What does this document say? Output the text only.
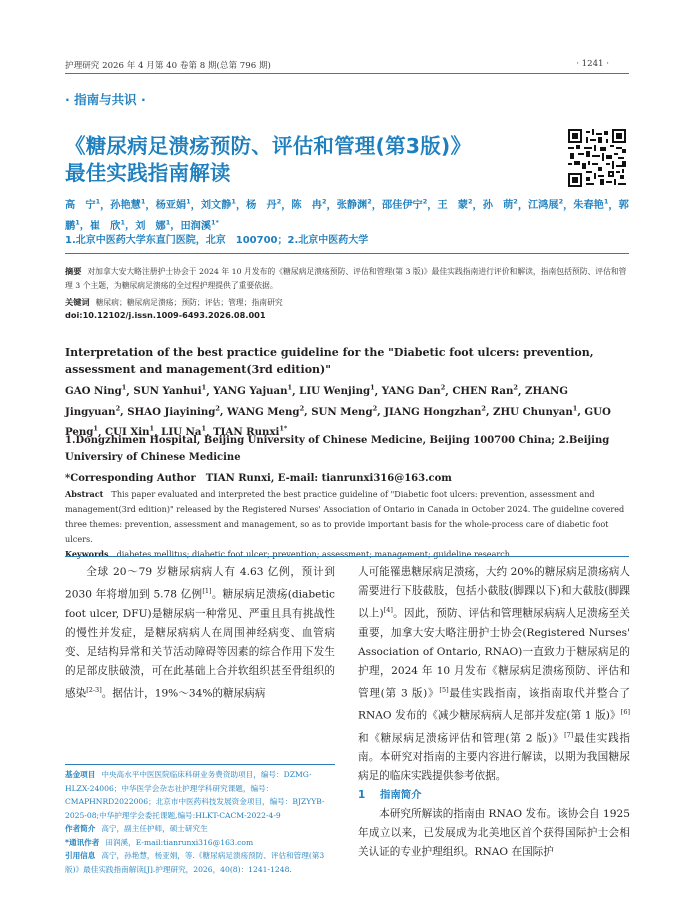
护理研究 2026 年 4 月第 40 卷第 8 期(总第 796 期)	· 1241 ·
· 指南与共识 ·
《糖尿病足溃疡预防、评估和管理(第3版)》
最佳实践指南解读
高　宁$^1$，孙艳慧$^1$，杨亚娟$^1$，刘文静$^1$，杨　丹$^2$，陈　冉$^2$，张静渊$^2$，邵佳伊宁$^2$，王　蒙$^2$，孙　萌$^2$，江鸿展$^2$，朱春艳$^1$，郭　鹏$^1$，崔　欣$^1$，刘　娜$^1$，田润溪$^{1*}$
1.北京中医药大学东直门医院，北京　100700；2.北京中医药大学
摘要 对加拿大安大略注册护士协会于 2024 年 10 月发布的《糖尿病足溃疡预防、评估和管理(第 3 版)》最佳实践指南进行评价和解读，指南包括预防、评估和管理 3 个主题，为糖尿病足溃疡的全过程护理提供了重要依据。
关键词 糖尿病；糖尿病足溃疡；预防；评估；管理；指南研究
doi:10.12102/j.issn.1009-6493.2026.08.001
Interpretation of the best practice guideline for the "Diabetic foot ulcers: prevention, assessment and management(3rd edition)"
GAO Ning$^1$, SUN Yanhui$^1$, YANG Yajuan$^1$, LIU Wenjing$^1$, YANG Dan$^2$, CHEN Ran$^2$, ZHANG Jingyuan$^2$, SHAO Jiayining$^2$, WANG Meng$^2$, SUN Meng$^2$, JIANG Hongzhan$^2$, ZHU Chunyan$^1$, GUO Peng$^1$, CUI Xin$^1$, LIU Na$^1$, TIAN Runxi$^{1*}$
1.Dongzhimen Hospital, Beijing University of Chinese Medicine, Beijing 100700 China; 2.Beijing Universiry of Chinese Medicine
*Corresponding Author　TIAN Runxi, E-mail: tianrunxi316@163.com
Abstract This paper evaluated and interpreted the best practice guideline of "Diabetic foot ulcers: prevention, assessment and management(3rd edition)" released by the Registered Nurses' Association of Ontario in Canada in October 2024. The guideline covered three themes: prevention, assessment and management, so as to provide important basis for the whole-process care of diabetic foot ulcers.
Keywords diabetes mellitus; diabetic foot ulcer; prevention; assessment; management; guideline research

全球 20～79 岁糖尿病病人有 4.63 亿例，预计到 2030 年将增加到 5.78 亿例[1]。糖尿病足溃疡(diabetic foot ulcer, DFU)是糖尿病一种常见、严重且具有挑战性的慢性并发症，是糖尿病病人在周围神经病变、血管病变、足结构异常和关节活动障碍等因素的综合作用下发生的足部皮肤破溃，可在此基础上合并软组织甚至骨组织的感染[2-3]。据估计，19%～34%的糖尿病病

基金项目 中央高水平中医医院临床科研业务费资助项目，编号：DZMG-HLZX-24006；中华医学会杂志社护理学科研究课题，编号：CMAPHNRD2022006；北京市中医药科技发展资金项目，编号：BJZYYB-2025-08;中华护理学会委托课题,编号:HLKT-CACM-2022-4-9
作者简介 高宁，副主任护师，硕士研究生
*通讯作者 田润溪，E-mail:tianrunxi316@163.com
引用信息 高宁，孙艳慧，杨亚娟，等.《糖尿病足溃疡预防、评估和管理(第3版)》最佳实践指南解读[J].护理研究，2026，40(8)：1241-1248.

人可能罹患糖尿病足溃疡，大约 20%的糖尿病足溃疡病人需要进行下肢截肢，包括小截肢(脚踝以下)和大截肢(脚踝以上)[4]。因此，预防、评估和管理糖尿病病人足溃疡至关重要，加拿大安大略注册护士协会(Registered Nurses' Association of Ontario, RNAO)一直致力于糖尿病足的护理，2024 年 10 月发布《糖尿病足溃疡预防、评估和管理(第 3 版)》[5]最佳实践指南，该指南取代并整合了 RNAO 发布的《减少糖尿病病人足部并发症(第 1 版)》[6]和《糖尿病足溃疡评估和管理(第 2 版)》[7]最佳实践指南。本研究对指南的主要内容进行解读，以期为我国糖尿病足的临床实践提供参考依据。

1 指南简介

本研究所解读的指南由 RNAO 发布。该协会自 1925 年成立以来，已发展成为北美地区首个获得国际护士会相关认证的专业护理组织。RNAO 在国际护
